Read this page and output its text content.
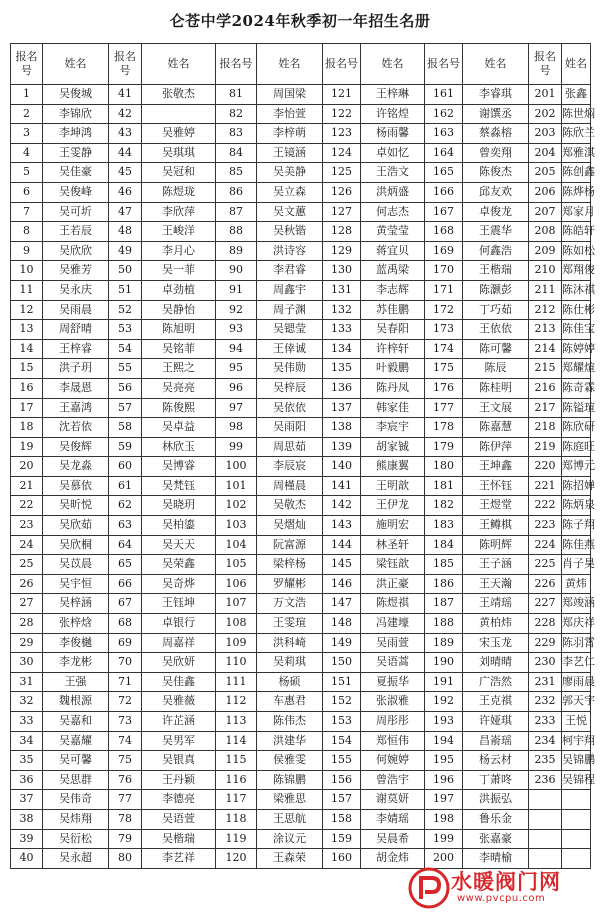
仑苍中学2024年秋季初一年招生名册
报名号	姓名	报名号	姓名	报名号	姓名	报名号	姓名	报名号	姓名	报名号	姓名
1	吴俊城	41	张敬杰	81	周国梁	121	王梓琳	161	李睿琪	201	张鑫
2	李锦欣	42		82	李怡萱	122	许铭煌	162	谢馔丞	202	陈世焖
3	李坤鸿	43	吴雅婷	83	李梓萌	123	杨雨馨	163	蔡淼榕	203	陈欣兰
4	王雯静	44	吴琪琪	84	王镜涵	124	卓如忆	164	曾奕翔	204	郑雅淇
5	吴佳豪	45	吴冠和	85	吴美静	125	王浩文	165	陈俊杰	205	陈创鑫
6	吴俊峰	46	陈煜珑	86	吴立森	126	洪炳盛	166	邱友欢	206	陈烨杨
7	吴可圻	47	李欣萍	87	吴文蕙	127	何志杰	167	卓俊龙	207	郑家月
8	王若辰	48	王峻洋	88	吴秋锴	128	黄莹莹	168	王震华	208	陈皓轩
9	吴欣欣	49	李月心	89	洪诗容	129	蒋宜贝	169	何鑫浩	209	陈如松
10	吴雅芳	50	吴一菲	90	李君睿	130	蓝禹梁	170	王楷瑞	210	郑翔俊
11	吴永庆	51	卓劲植	91	周鑫宇	131	李志辉	171	陈灏彭	211	陈沐祺
12	吴雨晨	52	吴静怡	92	周子渊	132	苏佳鹏	172	丁巧茹	212	陈仕彬
13	周舒晴	53	陈旭明	93	吴锶莹	133	吴春阳	173	王依依	213	陈佳宝
14	王梓睿	54	吴铭菲	94	王倖诚	134	许梓轩	174	陈可馨	214	陈婷婷
15	洪子玥	55	王熙之	95	吴伟勋	135	叶毅鹏	175	陈辰	215	郑耀煊
16	李晟恩	56	吴亮亮	96	吴梓辰	136	陈丹凤	176	陈桂明	216	陈奇霖
17	王嘉鸿	57	陈俊熙	97	吴依依	137	韩家佳	177	王文展	217	陈镒瑄
18	沈若依	58	吴卓益	98	吴雨阳	138	李宸宇	178	陈嘉慧	218	陈欣研
19	吴俊辉	59	林欣玉	99	周思茹	139	胡家铖	179	陈伊萍	219	陈庭旺
20	吴龙淼	60	吴博睿	100	李辰宸	140	熊康翼	180	王坤鑫	220	郑博元
21	吴慕依	61	吴梵钰	101	周槿晨	141	王明歆	181	王怀钰	221	陈招婵
22	吴昕悦	62	吴晓玥	102	吴敬杰	142	王伊龙	182	王煜堂	222	陈炳泉
23	吴欣茹	63	吴柏鎏	103	吴熠灿	143	施明宏	183	王鳟棋	223	陈子翔
24	吴欣桐	64	吴天天	104	阮富源	144	林圣轩	184	陈明辉	224	陈佳燕
25	吴苡晨	65	吴荣鑫	105	梁梓杨	145	梁钰歆	185	王子涵	225	肖子昊
26	吴宇恒	66	吴奇烨	106	罗耀彬	146	洪正豪	186	王天瀚	226	黄炜
27	吴梓涵	67	王钰坤	107	万文浩	147	陈煜祺	187	王靖瑶	227	郑竣涵
28	张梓焓	68	卓银行	108	王雯瑄	148	冯建壕	188	黄柏炜	228	郑庆祥
29	李俊樾	69	周嘉祥	109	洪科崎	149	吴雨萱	189	宋玉龙	229	陈羽霄
30	李龙彬	70	吴欣妍	110	吴莉琪	150	吴语蒿	190	刘晴晴	230	李艺仁
31	王强	71	吴佳鑫	111	杨硕	151	夏振华	191	广浩然	231	廖雨晨
32	魏根源	72	吴雅薇	112	车惠君	152	张淑雅	192	王克祺	232	郭天宇
33	吴嘉和	73	许芷涵	113	陈伟杰	153	周彤彤	193	许娅琪	233	王悦
34	吴嘉耀	74	吴男军	114	洪建华	154	郑恒伟	194	昌嵛瑶	234	柯宇翔
35	吴可馨	75	吴银真	115	侯雅雯	155	何婉婷	195	杨云材	235	吴锦鹏
36	吴思群	76	王丹颖	116	陈锦鹏	156	曾浩宇	196	丁萧咚	236	吴锦程
37	吴伟奇	77	李德亮	117	梁雅思	157	谢莫妍	197	洪振弘		
38	吴炜翔	78	吴语萱	118	王思航	158	李婧瑶	198	鲁乐金		
39	吴衍松	79	吴楷瑞	119	涂议元	159	吴晨希	199	张嘉豪		
40	吴永超	80	李艺祥	120	王森荣	160	胡金炜	200	李晴榆		
水暖阀门网
www.pvcpu.com
